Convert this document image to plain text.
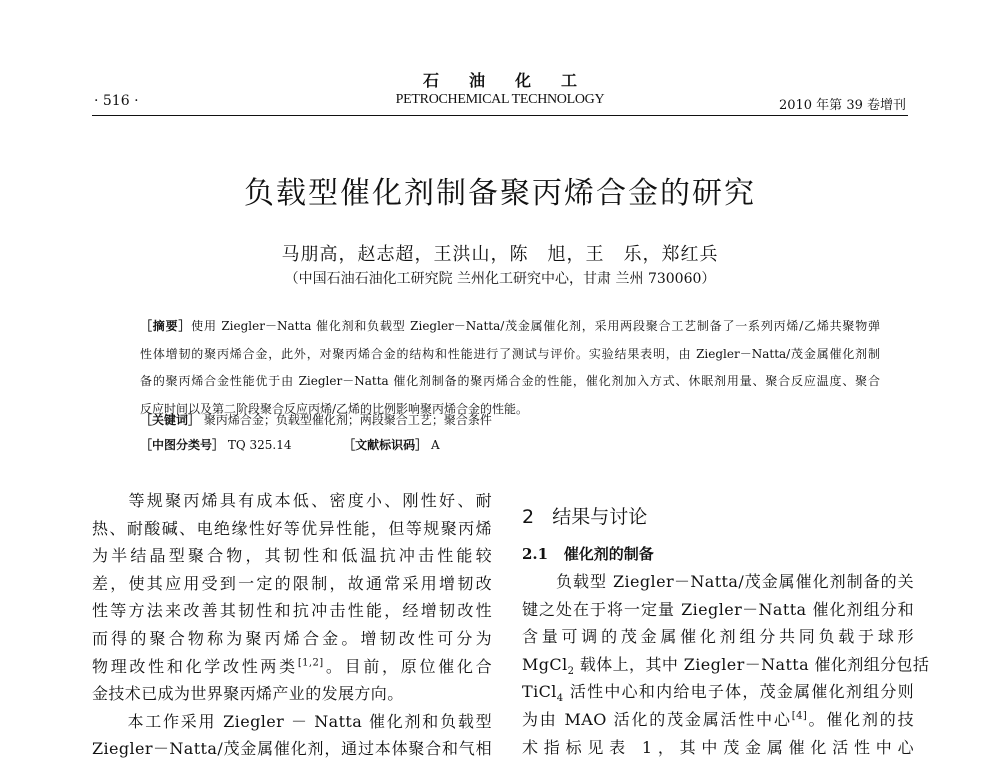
石油化工
· 516 ·	PETROCHEMICAL TECHNOLOGY	2010 年第 39 卷增刊
负载型催化剂制备聚丙烯合金的研究
马朋高，赵志超，王洪山，陈　旭，王　乐，郑红兵
（中国石油石油化工研究院 兰州化工研究中心，甘肃 兰州 730060）
［摘要］使用 Ziegler－Natta 催化剂和负载型 Ziegler－Natta/茂金属催化剂，采用两段聚合工艺制备了一系列丙烯/乙烯共聚物弹
性体增韧的聚丙烯合金，此外，对聚丙烯合金的结构和性能进行了测试与评价。实验结果表明，由 Ziegler－Natta/茂金属催化剂制
备的聚丙烯合金性能优于由 Ziegler－Natta 催化剂制备的聚丙烯合金的性能，催化剂加入方式、休眠剂用量、聚合反应温度、聚合
反应时间以及第二阶段聚合反应丙烯/乙烯的比例影响聚丙烯合金的性能。
［关键词］ 聚丙烯合金；负载型催化剂；两段聚合工艺；聚合条件
［中图分类号］ TQ 325.14	［文献标识码］ A
　　等规聚丙烯具有成本低、密度小、刚性好、耐
热、耐酸碱、电绝缘性好等优异性能，但等规聚丙烯
为半结晶型聚合物，其韧性和低温抗冲击性能较
差，使其应用受到一定的限制，故通常采用增韧改
性等方法来改善其韧性和抗冲击性能，经增韧改性
而得的聚合物称为聚丙烯合金。增韧改性可分为
物理改性和化学改性两类[1,2]。目前，原位催化合
金技术已成为世界聚丙烯产业的发展方向。
　　本工作采用 Ziegler － Natta 催化剂和负载型
Ziegler－Natta/茂金属催化剂，通过本体聚合和气相
2 结果与讨论
2.1 催化剂的制备
　　负载型 Ziegler－Natta/茂金属催化剂制备的关
键之处在于将一定量 Ziegler－Natta 催化剂组分和
含量可调的茂金属催化剂组分共同负载于球形
MgCl$_2$ 载体上，其中 Ziegler－Natta 催化剂组分包括
TiCl$_4$ 活性中心和内给电子体，茂金属催化剂组分则
为由 MAO 活化的茂金属活性中心[4]。催化剂的技
术指标见表 1，其中茂金属催化活性中心
